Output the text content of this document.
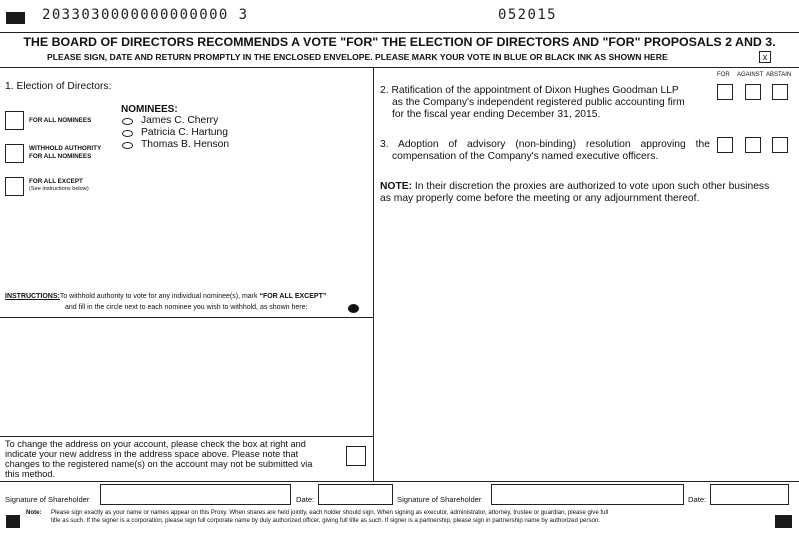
2033030000000000000 3	052015
THE BOARD OF DIRECTORS RECOMMENDS A VOTE "FOR" THE ELECTION OF DIRECTORS AND "FOR" PROPOSALS 2 AND 3.
PLEASE SIGN, DATE AND RETURN PROMPTLY IN THE ENCLOSED ENVELOPE. PLEASE MARK YOUR VOTE IN BLUE OR BLACK INK AS SHOWN HERE	x
1. Election of Directors:
FOR ALL NOMINEES
WITHHOLD AUTHORITY
FOR ALL NOMINEES
FOR ALL EXCEPT
(See instructions below)
NOMINEES:
James C. Cherry
Patricia C. Hartung
Thomas B. Henson
INSTRUCTIONS:To withhold authority to vote for any individual nominee(s), mark “FOR ALL EXCEPT”
and fill in the circle next to each nominee you wish to withhold, as shown here:
FOR AGAINST ABSTAIN
2. Ratification of the appointment of Dixon Hughes Goodman LLP
as the Company's independent registered public accounting firm
for the fiscal year ending December 31, 2015.
3. Adoption of advisory (non-binding) resolution approving the
compensation of the Company's named executive officers.
NOTE: In their discretion the proxies are authorized to vote upon such other business
as may properly come before the meeting or any adjournment thereof.
To change the address on your account, please check the box at right and
indicate your new address in the address space above. Please note that
changes to the registered name(s) on the account may not be submitted via
this method.
Signature of Shareholder	Date:	Signature of Shareholder	Date:
Note: Please sign exactly as your name or names appear on this Proxy. When shares are held jointly, each holder should sign. When signing as executor, administrator, attorney, trustee or guardian, please give full
title as such. If the signer is a corporation, please sign full corporate name by duly authorized officer, giving full title as such. If signer is a partnership, please sign in partnership name by authorized person.
